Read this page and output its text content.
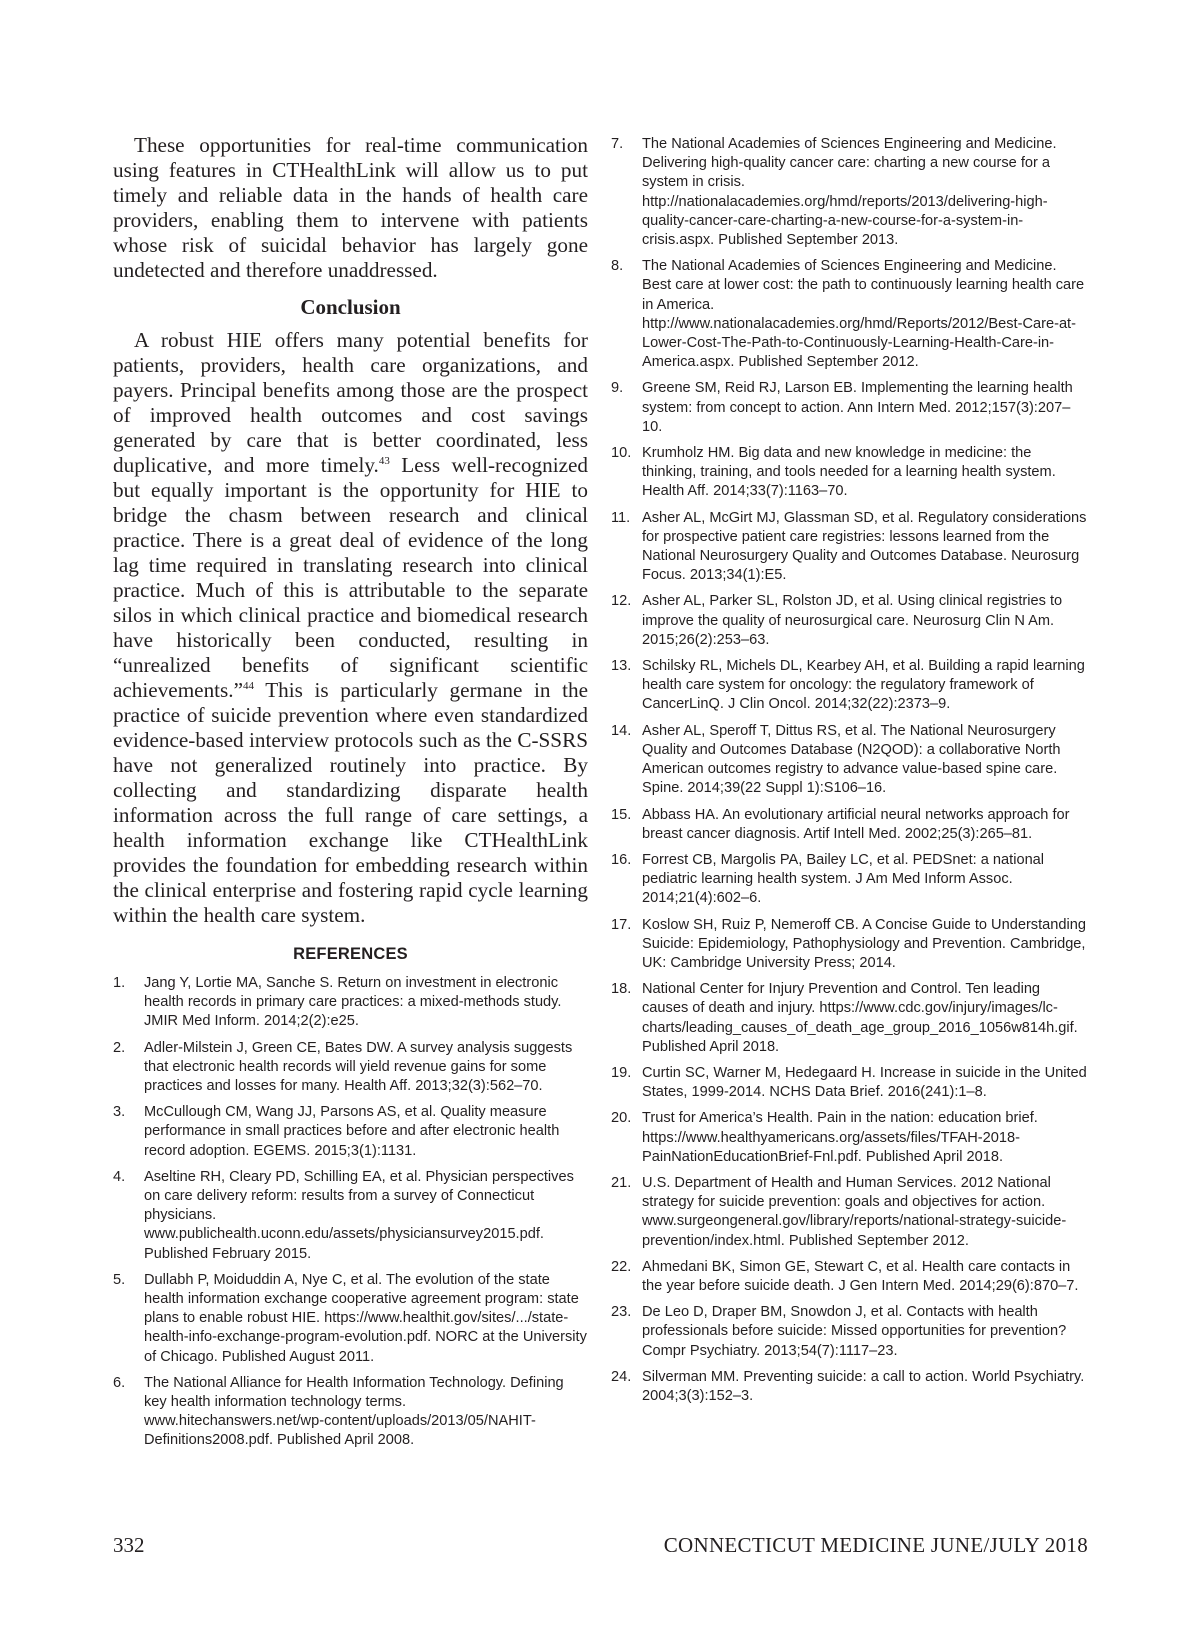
These opportunities for real-time communication using features in CTHealthLink will allow us to put timely and reliable data in the hands of health care providers, enabling them to intervene with patients whose risk of suicidal behavior has largely gone undetected and therefore unaddressed.

Conclusion

A robust HIE offers many potential benefits for patients, providers, health care organizations, and payers. Principal benefits among those are the prospect of improved health outcomes and cost savings generated by care that is better coordinated, less duplicative, and more timely.$^{43}$ Less well-recognized but equally important is the opportunity for HIE to bridge the chasm between research and clinical practice. There is a great deal of evidence of the long lag time required in translating research into clinical practice. Much of this is attributable to the separate silos in which clinical practice and biomedical research have historically been conducted, resulting in “unrealized benefits of significant scientific achievements.”$^{44}$ This is particularly germane in the practice of suicide prevention where even standardized evidence-based interview protocols such as the C-SSRS have not generalized routinely into practice. By collecting and standardizing disparate health information across the full range of care settings, a health information exchange like CTHealthLink provides the foundation for embedding research within the clinical enterprise and fostering rapid cycle learning within the health care system.

REFERENCES
1. Jang Y, Lortie MA, Sanche S. Return on investment in electronic health records in primary care practices: a mixed-methods study. JMIR Med Inform. 2014;2(2):e25.
2. Adler-Milstein J, Green CE, Bates DW. A survey analysis suggests that electronic health records will yield revenue gains for some practices and losses for many. Health Aff. 2013;32(3):562–70.
3. McCullough CM, Wang JJ, Parsons AS, et al. Quality measure performance in small practices before and after electronic health record adoption. EGEMS. 2015;3(1):1131.
4. Aseltine RH, Cleary PD, Schilling EA, et al. Physician perspectives on care delivery reform: results from a survey of Connecticut physicians. www.publichealth.uconn.edu/assets/physiciansurvey2015.pdf. Published February 2015.
5. Dullabh P, Moiduddin A, Nye C, et al. The evolution of the state health information exchange cooperative agreement program: state plans to enable robust HIE. https://www.healthit.gov/sites/.../state-health-info-exchange-program-evolution.pdf. NORC at the University of Chicago. Published August 2011.
6. The National Alliance for Health Information Technology. Defining key health information technology terms. www.hitechanswers.net/wp-content/uploads/2013/05/NAHIT-Definitions2008.pdf. Published April 2008.
7. The National Academies of Sciences Engineering and Medicine. Delivering high-quality cancer care: charting a new course for a system in crisis. http://nationalacademies.org/hmd/reports/2013/delivering-high-quality-cancer-care-charting-a-new-course-for-a-system-in-crisis.aspx. Published September 2013.
8. The National Academies of Sciences Engineering and Medicine. Best care at lower cost: the path to continuously learning health care in America. http://www.nationalacademies.org/hmd/Reports/2012/Best-Care-at-Lower-Cost-The-Path-to-Continuously-Learning-Health-Care-in-America.aspx. Published September 2012.
9. Greene SM, Reid RJ, Larson EB. Implementing the learning health system: from concept to action. Ann Intern Med. 2012;157(3):207–10.
10. Krumholz HM. Big data and new knowledge in medicine: the thinking, training, and tools needed for a learning health system. Health Aff. 2014;33(7):1163–70.
11. Asher AL, McGirt MJ, Glassman SD, et al. Regulatory considerations for prospective patient care registries: lessons learned from the National Neurosurgery Quality and Outcomes Database. Neurosurg Focus. 2013;34(1):E5.
12. Asher AL, Parker SL, Rolston JD, et al. Using clinical registries to improve the quality of neurosurgical care. Neurosurg Clin N Am. 2015;26(2):253–63.
13. Schilsky RL, Michels DL, Kearbey AH, et al. Building a rapid learning health care system for oncology: the regulatory framework of CancerLinQ. J Clin Oncol. 2014;32(22):2373–9.
14. Asher AL, Speroff T, Dittus RS, et al. The National Neurosurgery Quality and Outcomes Database (N2QOD): a collaborative North American outcomes registry to advance value-based spine care. Spine. 2014;39(22 Suppl 1):S106–16.
15. Abbass HA. An evolutionary artificial neural networks approach for breast cancer diagnosis. Artif Intell Med. 2002;25(3):265–81.
16. Forrest CB, Margolis PA, Bailey LC, et al. PEDSnet: a national pediatric learning health system. J Am Med Inform Assoc. 2014;21(4):602–6.
17. Koslow SH, Ruiz P, Nemeroff CB. A Concise Guide to Understanding Suicide: Epidemiology, Pathophysiology and Prevention. Cambridge, UK: Cambridge University Press; 2014.
18. National Center for Injury Prevention and Control. Ten leading causes of death and injury. https://www.cdc.gov/injury/images/lc-charts/leading_causes_of_death_age_group_2016_1056w814h.gif. Published April 2018.
19. Curtin SC, Warner M, Hedegaard H. Increase in suicide in the United States, 1999-2014. NCHS Data Brief. 2016(241):1–8.
20. Trust for America’s Health. Pain in the nation: education brief. https://www.healthyamericans.org/assets/files/TFAH-2018-PainNationEducationBrief-Fnl.pdf. Published April 2018.
21. U.S. Department of Health and Human Services. 2012 National strategy for suicide prevention: goals and objectives for action. www.surgeongeneral.gov/library/reports/national-strategy-suicide-prevention/index.html. Published September 2012.
22. Ahmedani BK, Simon GE, Stewart C, et al. Health care contacts in the year before suicide death. J Gen Intern Med. 2014;29(6):870–7.
23. De Leo D, Draper BM, Snowdon J, et al. Contacts with health professionals before suicide: Missed opportunities for prevention? Compr Psychiatry. 2013;54(7):1117–23.
24. Silverman MM. Preventing suicide: a call to action. World Psychiatry. 2004;3(3):152–3.
332	CONNECTICUT MEDICINE JUNE/JULY 2018
